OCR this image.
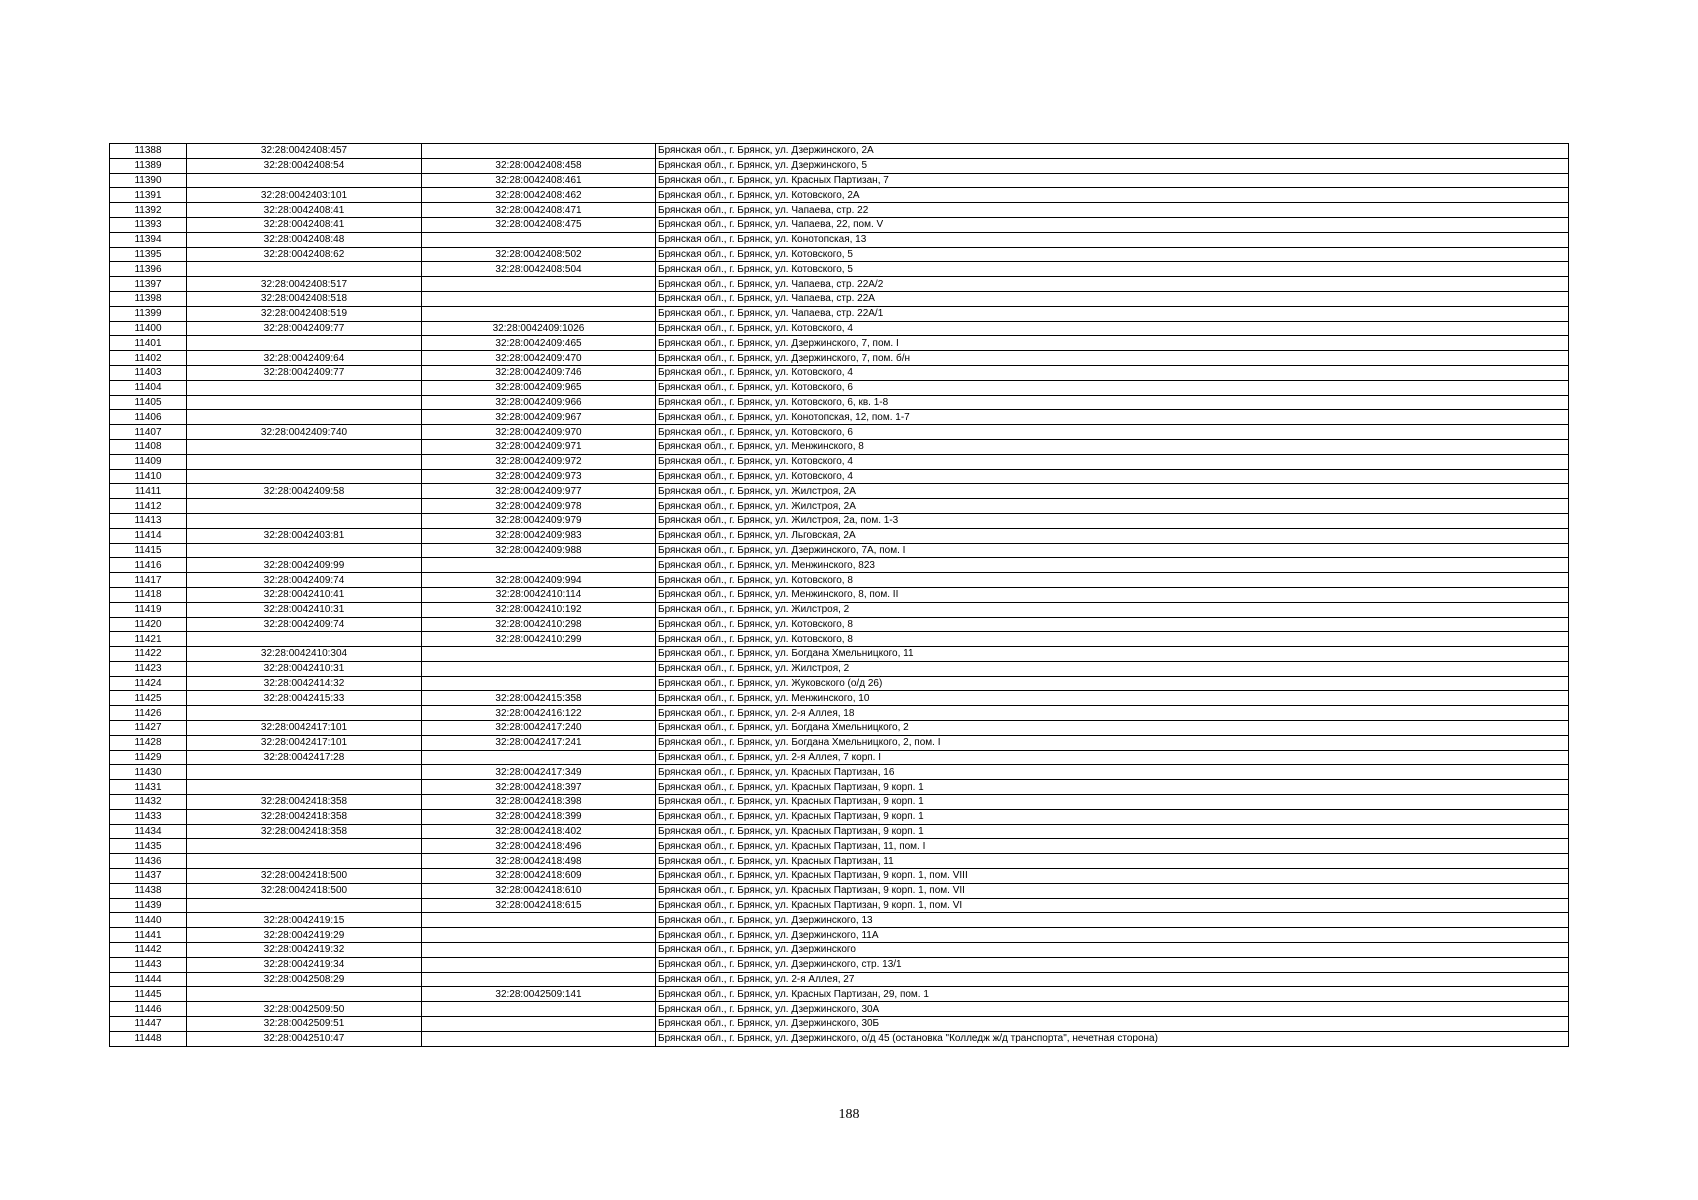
11388	32:28:0042408:457		Брянская обл., г. Брянск, ул. Дзержинского, 2А
11389	32:28:0042408:54	32:28:0042408:458	Брянская обл., г. Брянск, ул. Дзержинского, 5
11390		32:28:0042408:461	Брянская обл., г. Брянск, ул. Красных Партизан, 7
11391	32:28:0042403:101	32:28:0042408:462	Брянская обл., г. Брянск, ул. Котовского, 2А
11392	32:28:0042408:41	32:28:0042408:471	Брянская обл., г. Брянск, ул. Чапаева, стр. 22
11393	32:28:0042408:41	32:28:0042408:475	Брянская обл., г. Брянск, ул. Чапаева, 22, пом. V
11394	32:28:0042408:48		Брянская обл., г. Брянск, ул. Конотопская, 13
11395	32:28:0042408:62	32:28:0042408:502	Брянская обл., г. Брянск, ул. Котовского, 5
11396		32:28:0042408:504	Брянская обл., г. Брянск, ул. Котовского, 5
11397	32:28:0042408:517		Брянская обл., г. Брянск, ул. Чапаева, стр. 22А/2
11398	32:28:0042408:518		Брянская обл., г. Брянск, ул. Чапаева, стр. 22А
11399	32:28:0042408:519		Брянская обл., г. Брянск, ул. Чапаева, стр. 22А/1
11400	32:28:0042409:77	32:28:0042409:1026	Брянская обл., г. Брянск, ул. Котовского, 4
11401		32:28:0042409:465	Брянская обл., г. Брянск, ул. Дзержинского, 7, пом. I
11402	32:28:0042409:64	32:28:0042409:470	Брянская обл., г. Брянск, ул. Дзержинского, 7, пом. б/н
11403	32:28:0042409:77	32:28:0042409:746	Брянская обл., г. Брянск, ул. Котовского, 4
11404		32:28:0042409:965	Брянская обл., г. Брянск, ул. Котовского, 6
11405		32:28:0042409:966	Брянская обл., г. Брянск, ул. Котовского, 6, кв. 1-8
11406		32:28:0042409:967	Брянская обл., г. Брянск, ул. Конотопская, 12, пом. 1-7
11407	32:28:0042409:740	32:28:0042409:970	Брянская обл., г. Брянск, ул. Котовского, 6
11408		32:28:0042409:971	Брянская обл., г. Брянск, ул. Менжинского, 8
11409		32:28:0042409:972	Брянская обл., г. Брянск, ул. Котовского, 4
11410		32:28:0042409:973	Брянская обл., г. Брянск, ул. Котовского, 4
11411	32:28:0042409:58	32:28:0042409:977	Брянская обл., г. Брянск, ул. Жилстроя, 2А
11412		32:28:0042409:978	Брянская обл., г. Брянск, ул. Жилстроя, 2А
11413		32:28:0042409:979	Брянская обл., г. Брянск, ул. Жилстроя, 2а, пом. 1-3
11414	32:28:0042403:81	32:28:0042409:983	Брянская обл., г. Брянск, ул. Льговская, 2А
11415		32:28:0042409:988	Брянская обл., г. Брянск, ул. Дзержинского, 7А, пом. I
11416	32:28:0042409:99		Брянская обл., г. Брянск, ул. Менжинского, 823
11417	32:28:0042409:74	32:28:0042409:994	Брянская обл., г. Брянск, ул. Котовского, 8
11418	32:28:0042410:41	32:28:0042410:114	Брянская обл., г. Брянск, ул. Менжинского, 8, пом. II
11419	32:28:0042410:31	32:28:0042410:192	Брянская обл., г. Брянск, ул. Жилстроя, 2
11420	32:28:0042409:74	32:28:0042410:298	Брянская обл., г. Брянск, ул. Котовского, 8
11421		32:28:0042410:299	Брянская обл., г. Брянск, ул. Котовского, 8
11422	32:28:0042410:304		Брянская обл., г. Брянск, ул. Богдана Хмельницкого, 11
11423	32:28:0042410:31		Брянская обл., г. Брянск, ул. Жилстроя, 2
11424	32:28:0042414:32		Брянская обл., г. Брянск, ул. Жуковского (о/д 26)
11425	32:28:0042415:33	32:28:0042415:358	Брянская обл., г. Брянск, ул. Менжинского, 10
11426		32:28:0042416:122	Брянская обл., г. Брянск, ул. 2-я Аллея, 18
11427	32:28:0042417:101	32:28:0042417:240	Брянская обл., г. Брянск, ул. Богдана Хмельницкого, 2
11428	32:28:0042417:101	32:28:0042417:241	Брянская обл., г. Брянск, ул. Богдана Хмельницкого, 2, пом. I
11429	32:28:0042417:28		Брянская обл., г. Брянск, ул. 2-я Аллея, 7 корп. I
11430		32:28:0042417:349	Брянская обл., г. Брянск, ул. Красных Партизан, 16
11431		32:28:0042418:397	Брянская обл., г. Брянск, ул. Красных Партизан, 9 корп. 1
11432	32:28:0042418:358	32:28:0042418:398	Брянская обл., г. Брянск, ул. Красных Партизан, 9 корп. 1
11433	32:28:0042418:358	32:28:0042418:399	Брянская обл., г. Брянск, ул. Красных Партизан, 9 корп. 1
11434	32:28:0042418:358	32:28:0042418:402	Брянская обл., г. Брянск, ул. Красных Партизан, 9 корп. 1
11435		32:28:0042418:496	Брянская обл., г. Брянск, ул. Красных Партизан, 11, пом. I
11436		32:28:0042418:498	Брянская обл., г. Брянск, ул. Красных Партизан, 11
11437	32:28:0042418:500	32:28:0042418:609	Брянская обл., г. Брянск, ул. Красных Партизан, 9 корп. 1, пом. VIII
11438	32:28:0042418:500	32:28:0042418:610	Брянская обл., г. Брянск, ул. Красных Партизан, 9 корп. 1, пом. VII
11439		32:28:0042418:615	Брянская обл., г. Брянск, ул. Красных Партизан, 9 корп. 1, пом. VI
11440	32:28:0042419:15		Брянская обл., г. Брянск, ул. Дзержинского, 13
11441	32:28:0042419:29		Брянская обл., г. Брянск, ул. Дзержинского, 11А
11442	32:28:0042419:32		Брянская обл., г. Брянск, ул. Дзержинского
11443	32:28:0042419:34		Брянская обл., г. Брянск, ул. Дзержинского, стр. 13/1
11444	32:28:0042508:29		Брянская обл., г. Брянск, ул. 2-я Аллея, 27
11445		32:28:0042509:141	Брянская обл., г. Брянск, ул. Красных Партизан, 29, пом. 1
11446	32:28:0042509:50		Брянская обл., г. Брянск, ул. Дзержинского, 30А
11447	32:28:0042509:51		Брянская обл., г. Брянск, ул. Дзержинского, 30Б
11448	32:28:0042510:47		Брянская обл., г. Брянск, ул. Дзержинского, о/д 45 (остановка "Колледж ж/д транспорта", нечетная сторона)
188
